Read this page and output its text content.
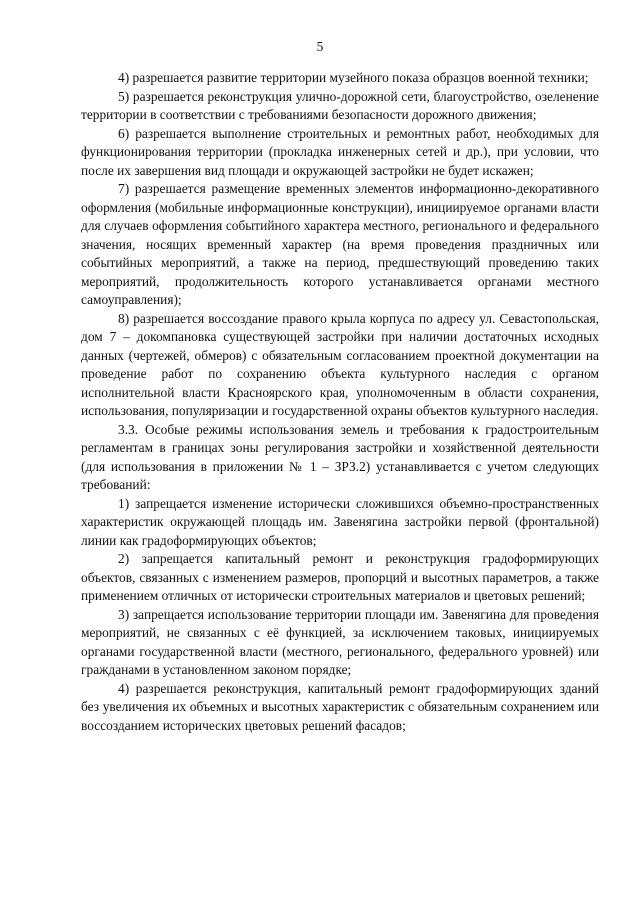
5

4) разрешается развитие территории музейного показа образцов военной техники;

5) разрешается реконструкция улично-дорожной сети, благоустройство, озеленение территории в соответствии с требованиями безопасности дорожного движения;

6) разрешается выполнение строительных и ремонтных работ, необходимых для функционирования территории (прокладка инженерных сетей и др.), при условии, что после их завершения вид площади и окружающей застройки не будет искажен;

7) разрешается размещение временных элементов информационно-декоративного оформления (мобильные информационные конструкции), инициируемое органами власти для случаев оформления событийного характера местного, регионального и федерального значения, носящих временный характер (на время проведения праздничных или событийных мероприятий, а также на период, предшествующий проведению таких мероприятий, продолжительность которого устанавливается органами местного самоуправления);

8) разрешается воссоздание правого крыла корпуса по адресу ул. Севастопольская, дом 7 – докомпановка существующей застройки при наличии достаточных исходных данных (чертежей, обмеров) с обязательным согласованием проектной документации на проведение работ по сохранению объекта культурного наследия с органом исполнительной власти Красноярского края, уполномоченным в области сохранения, использования, популяризации и государственной охраны объектов культурного наследия.

3.3. Особые режимы использования земель и требования к градостроительным регламентам в границах зоны регулирования застройки и хозяйственной деятельности (для использования в приложении № 1 – ЗРЗ.2) устанавливается с учетом следующих требований:

1) запрещается изменение исторически сложившихся объемно-пространственных характеристик окружающей площадь им. Завенягина застройки первой (фронтальной) линии как градоформирующих объектов;

2) запрещается капитальный ремонт и реконструкция градоформирующих объектов, связанных с изменением размеров, пропорций и высотных параметров, а также применением отличных от исторически строительных материалов и цветовых решений;

3) запрещается использование территории площади им. Завенягина для проведения мероприятий, не связанных с её функцией, за исключением таковых, инициируемых органами государственной власти (местного, регионального, федерального уровней) или гражданами в установленном законом порядке;

4) разрешается реконструкция, капитальный ремонт градоформирующих зданий без увеличения их объемных и высотных характеристик с обязательным сохранением или воссозданием исторических цветовых решений фасадов;
